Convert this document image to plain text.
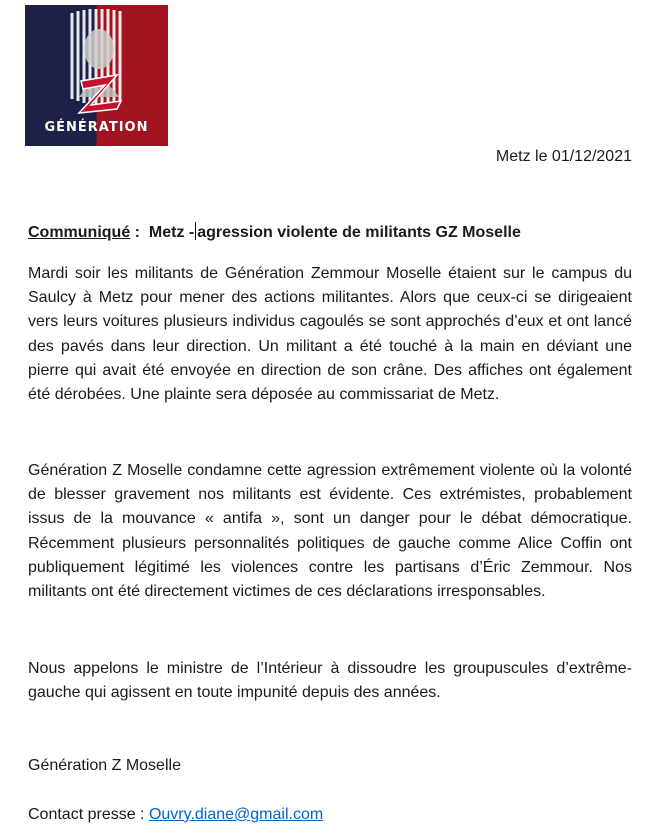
GÉNÉRATION
Metz le 01/12/2021
Communiqué :  Metz - agression violente de militants GZ Moselle

Mardi soir les militants de Génération Zemmour Moselle étaient sur le campus du Saulcy à Metz pour mener des actions militantes. Alors que ceux-ci se dirigeaient vers leurs voitures plusieurs individus cagoulés se sont approchés d’eux et ont lancé des pavés dans leur direction. Un militant a été touché à la main en déviant une pierre qui avait été envoyée en direction de son crâne. Des affiches ont également été dérobées. Une plainte sera déposée au commissariat de Metz.

Génération Z Moselle condamne cette agression extrêmement violente où la volonté de blesser gravement nos militants est évidente. Ces extrémistes, probablement issus de la mouvance « antifa », sont un danger pour le débat démocratique. Récemment plusieurs personnalités politiques de gauche comme Alice Coffin ont publiquement légitimé les violences contre les partisans d’Éric Zemmour. Nos militants ont été directement victimes de ces déclarations irresponsables.

Nous appelons le ministre de l’Intérieur à dissoudre les groupuscules d’extrême-gauche qui agissent en toute impunité depuis des années.

Génération Z Moselle
Contact presse : Ouvry.diane@gmail.com
